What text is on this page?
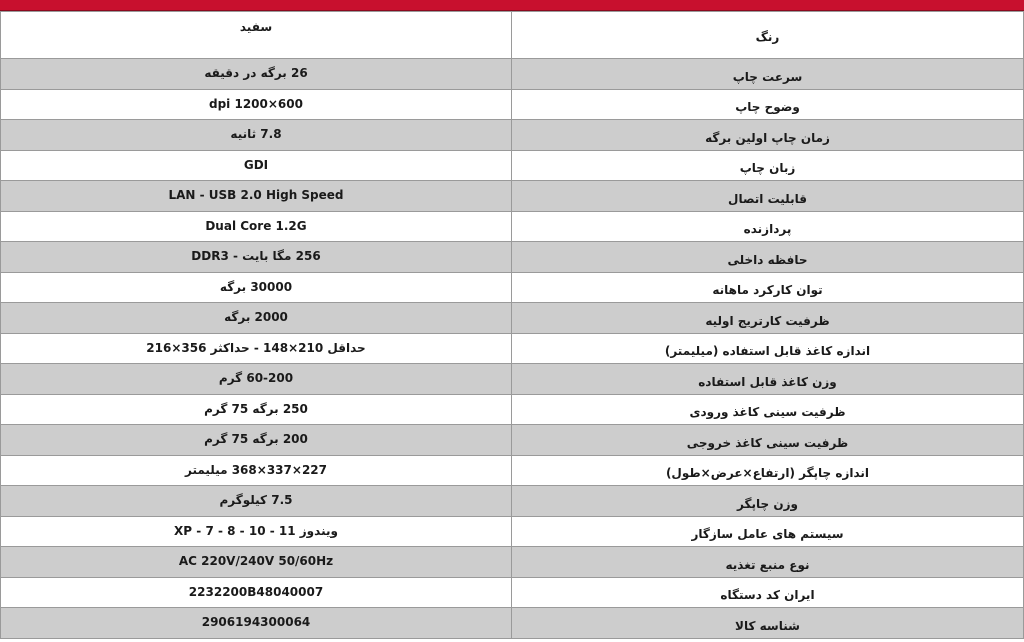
رنگ	سفید
سرعت چاپ	26 برگه در دقیقه
وضوح چاپ	dpi 1200×600
زمان چاپ اولین برگه	7.8 ثانیه
زبان چاپ	GDI
قابلیت اتصال	LAN - USB 2.0 High Speed
پردازنده	Dual Core 1.2G
حافظه داخلی	256 مگا بایت - DDR3
توان کارکرد ماهانه	30000 برگه
ظرفیت کارتریج اولیه	2000 برگه
اندازه کاغذ قابل استفاده (میلیمتر)	حداقل 210×148 - حداکثر 356×216
وزن کاغذ قابل استفاده	60-200 گرم
ظرفیت سینی کاغذ ورودی	250 برگه 75 گرم
ظرفیت سینی کاغذ خروجی	200 برگه 75 گرم
اندازه چاپگر (ارتفاع×عرض×طول)	227×337×368 میلیمتر
وزن چاپگر	7.5 کیلوگرم
سیستم های عامل سازگار	ویندوز 11 - 10 - 8 - 7 - XP
نوع منبع تغذیه	AC 220V/240V 50/60Hz
ایران کد دستگاه	2232200B48040007
شناسه کالا	2906194300064
